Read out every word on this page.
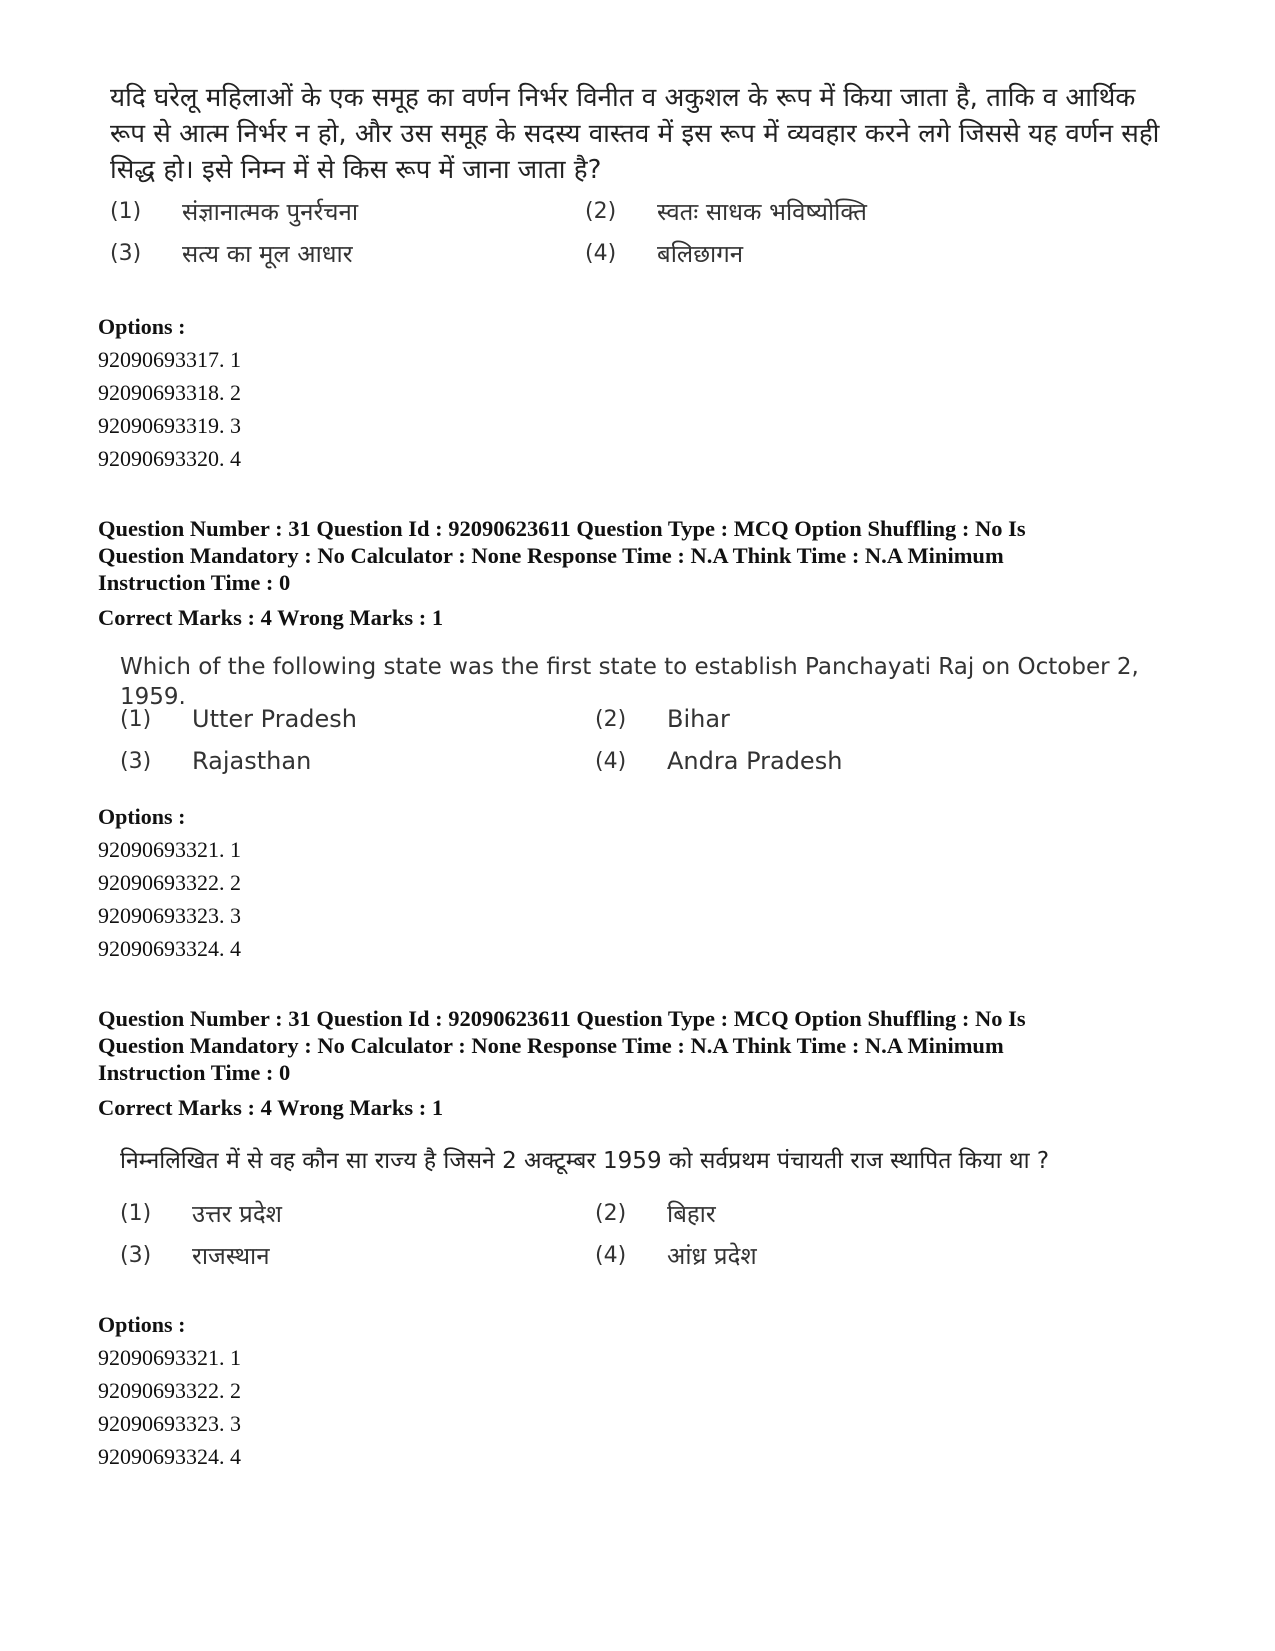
यदि घरेलू महिलाओं के एक समूह का वर्णन निर्भर विनीत व अकुशल के रूप में किया जाता है, ताकि व आर्थिक रूप से आत्म निर्भर न हो, और उस समूह के सदस्य वास्तव में इस रूप में व्यवहार करने लगे जिससे यह वर्णन सही सिद्ध हो। इसे निम्न में से किस रूप में जाना जाता है?
(1)	संज्ञानात्मक पुनर्रचना	(2)	स्वतः साधक भविष्योक्ति
(3)	सत्य का मूल आधार	(4)	बलिछागन
Options :
92090693317. 1
92090693318. 2
92090693319. 3
92090693320. 4
Question Number : 31 Question Id : 92090623611 Question Type : MCQ Option Shuffling : No Is
Question Mandatory : No Calculator : None Response Time : N.A Think Time : N.A Minimum
Instruction Time : 0
Correct Marks : 4 Wrong Marks : 1
Which of the following state was the first state to establish Panchayati Raj on October 2, 1959.
(1)	Utter Pradesh	(2)	Bihar
(3)	Rajasthan	(4)	Andra Pradesh
Options :
92090693321. 1
92090693322. 2
92090693323. 3
92090693324. 4
Question Number : 31 Question Id : 92090623611 Question Type : MCQ Option Shuffling : No Is
Question Mandatory : No Calculator : None Response Time : N.A Think Time : N.A Minimum
Instruction Time : 0
Correct Marks : 4 Wrong Marks : 1
निम्नलिखित में से वह कौन सा राज्य है जिसने 2 अक्टूम्बर 1959 को सर्वप्रथम पंचायती राज स्थापित किया था ?
(1)	उत्तर प्रदेश	(2)	बिहार
(3)	राजस्थान	(4)	आंध्र प्रदेश
Options :
92090693321. 1
92090693322. 2
92090693323. 3
92090693324. 4
